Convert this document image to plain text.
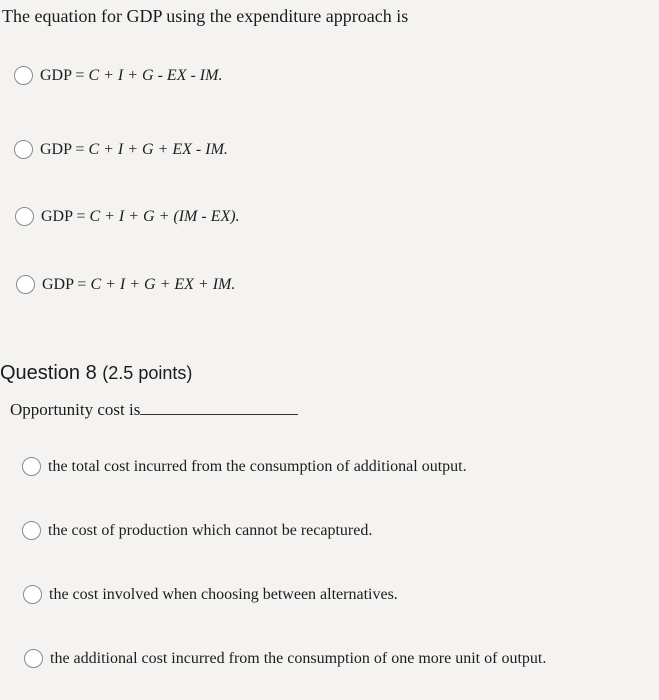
The equation for GDP using the expenditure approach is
GDP = C + I + G - EX - IM.
GDP = C + I + G + EX - IM.
GDP = C + I + G + (IM - EX).
GDP = C + I + G + EX + IM.
Question 8 (2.5 points)
Opportunity cost is
the total cost incurred from the consumption of additional output.
the cost of production which cannot be recaptured.
the cost involved when choosing between alternatives.
the additional cost incurred from the consumption of one more unit of output.
